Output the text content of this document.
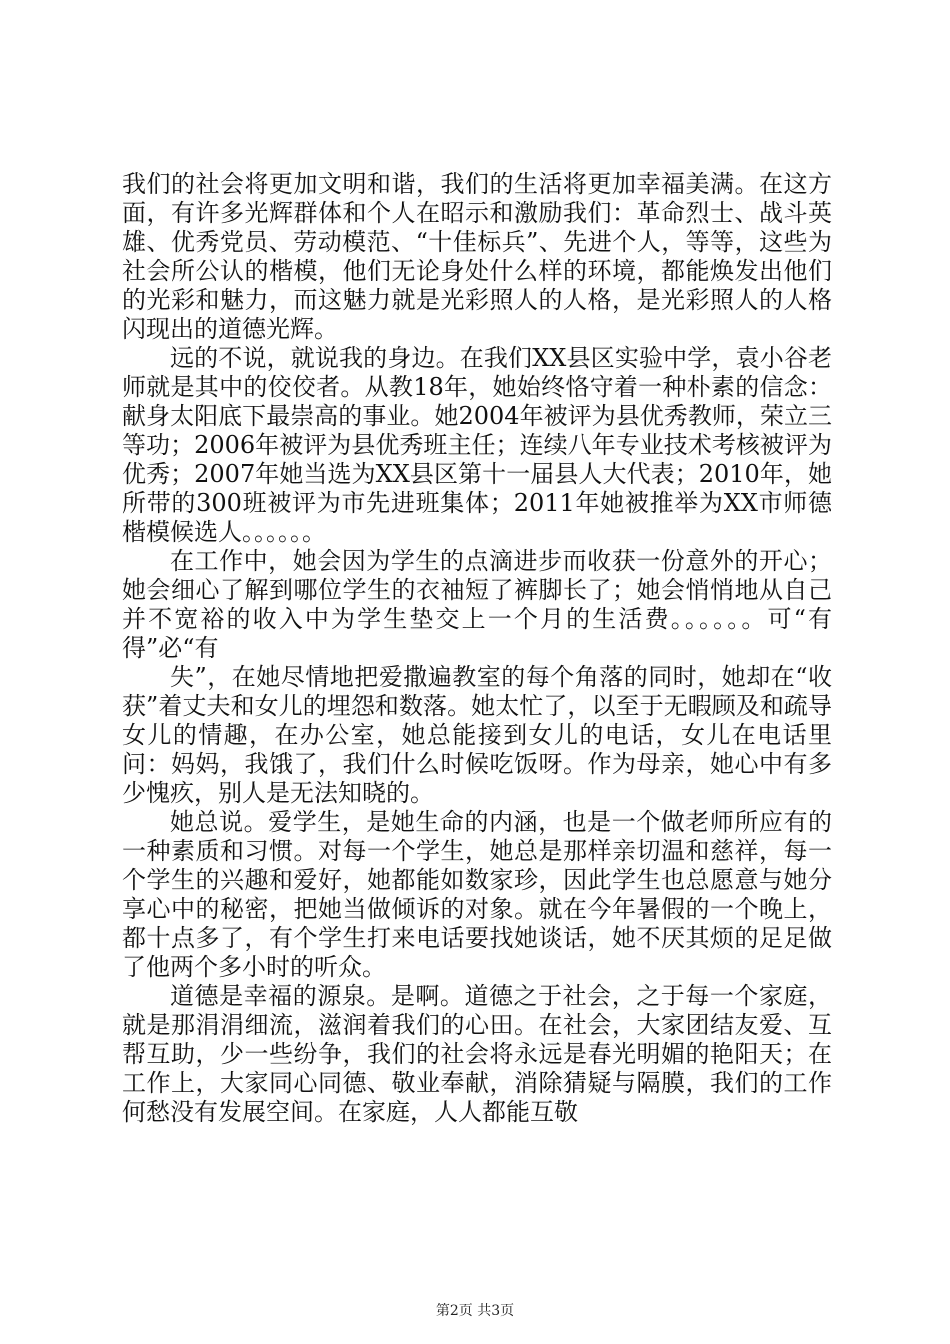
我们的社会将更加文明和谐，我们的生活将更加幸福美满。在这方面，有许多光辉群体和个人在昭示和激励我们：革命烈士、战斗英雄、优秀党员、劳动模范、“十佳标兵”、先进个人，等等，这些为社会所公认的楷模，他们无论身处什么样的环境，都能焕发出他们的光彩和魅力，而这魅力就是光彩照人的人格，是光彩照人的人格闪现出的道德光辉。

远的不说，就说我的身边。在我们XX县区实验中学，袁小谷老师就是其中的佼佼者。从教18年，她始终恪守着一种朴素的信念：献身太阳底下最崇高的事业。她2004年被评为县优秀教师，荣立三等功；2006年被评为县优秀班主任；连续八年专业技术考核被评为优秀；2007年她当选为XX县区第十一届县人大代表；2010年，她所带的300班被评为市先进班集体；2011年她被推举为XX市师德楷模候选人。。。。。。

在工作中，她会因为学生的点滴进步而收获一份意外的开心；她会细心了解到哪位学生的衣袖短了裤脚长了；她会悄悄地从自己并不宽裕的收入中为学生垫交上一个月的生活费。。。。。。可“有得”必“有

失”，在她尽情地把爱撒遍教室的每个角落的同时，她却在“收获”着丈夫和女儿的埋怨和数落。她太忙了，以至于无暇顾及和疏导女儿的情趣，在办公室，她总能接到女儿的电话，女儿在电话里问：妈妈，我饿了，我们什么时候吃饭呀。作为母亲，她心中有多少愧疚，别人是无法知晓的。

她总说。爱学生，是她生命的内涵，也是一个做老师所应有的一种素质和习惯。对每一个学生，她总是那样亲切温和慈祥，每一个学生的兴趣和爱好，她都能如数家珍，因此学生也总愿意与她分享心中的秘密，把她当做倾诉的对象。就在今年暑假的一个晚上，都十点多了，有个学生打来电话要找她谈话，她不厌其烦的足足做了他两个多小时的听众。

道德是幸福的源泉。是啊。道德之于社会，之于每一个家庭，就是那涓涓细流，滋润着我们的心田。在社会，大家团结友爱、互帮互助，少一些纷争，我们的社会将永远是春光明媚的艳阳天；在工作上，大家同心同德、敬业奉献，消除猜疑与隔膜，我们的工作何愁没有发展空间。在家庭，人人都能互敬

第2页 共3页
